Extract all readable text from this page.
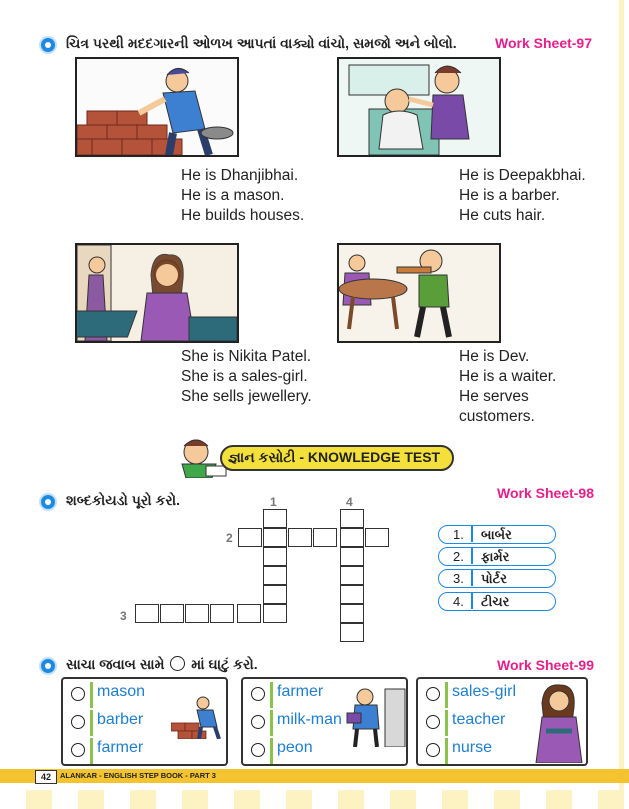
ચિત્ર પરથી મદદગારની ઓળખ આપતાં વાક્યો વાંચો, સમજો અને બોલો.	Work Sheet-97
He is Dhanjibhai.
He is a mason.
He builds houses.
He is Deepakbhai.
He is a barber.
He cuts hair.
She is Nikita Patel.
She is a sales-girl.
She sells jewellery.
He is Dev.
He is a waiter.
He serves
customers.
જ્ઞાન કસોટી - KNOWLEDGE TEST
શબ્દકોયડો પૂરો કરો.	Work Sheet-98
1	4
2
3
1. બાર્બર
2. ફાર્મર
3. પોર્ટર
4. ટીચર
સાચા જવાબ સામે માં ઘાટું કરો.	Work Sheet-99
mason
barber
farmer
farmer
milk-man
peon
sales-girl
teacher
nurse
42	ALANKAR - ENGLISH STEP BOOK - PART 3
